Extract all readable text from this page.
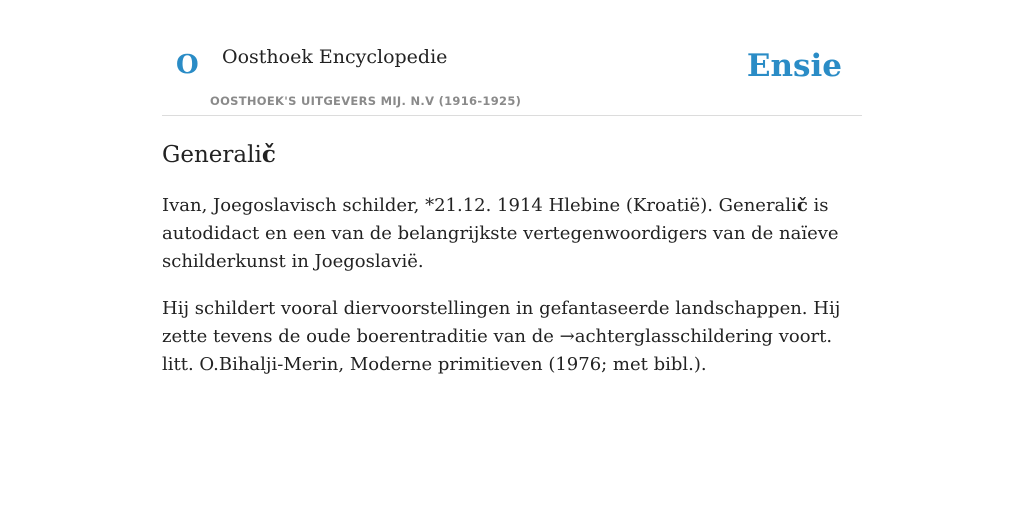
O Oosthoek Encyclopedie
OOSTHOEK'S UITGEVERS MIJ. N.V (1916-1925)
Ensie
Generalič

Ivan, Joegoslavisch schilder, *21.12. 1914 Hlebine (Kroatië). Generalič is autodidact en een van de belangrijkste vertegenwoordigers van de naïeve schilderkunst in Joegoslavië.

Hij schildert vooral diervoorstellingen in gefantaseerde landschappen. Hij zette tevens de oude boerentraditie van de →achterglasschildering voort. litt. O.Bihalji-Merin, Moderne primitieven (1976; met bibl.).
